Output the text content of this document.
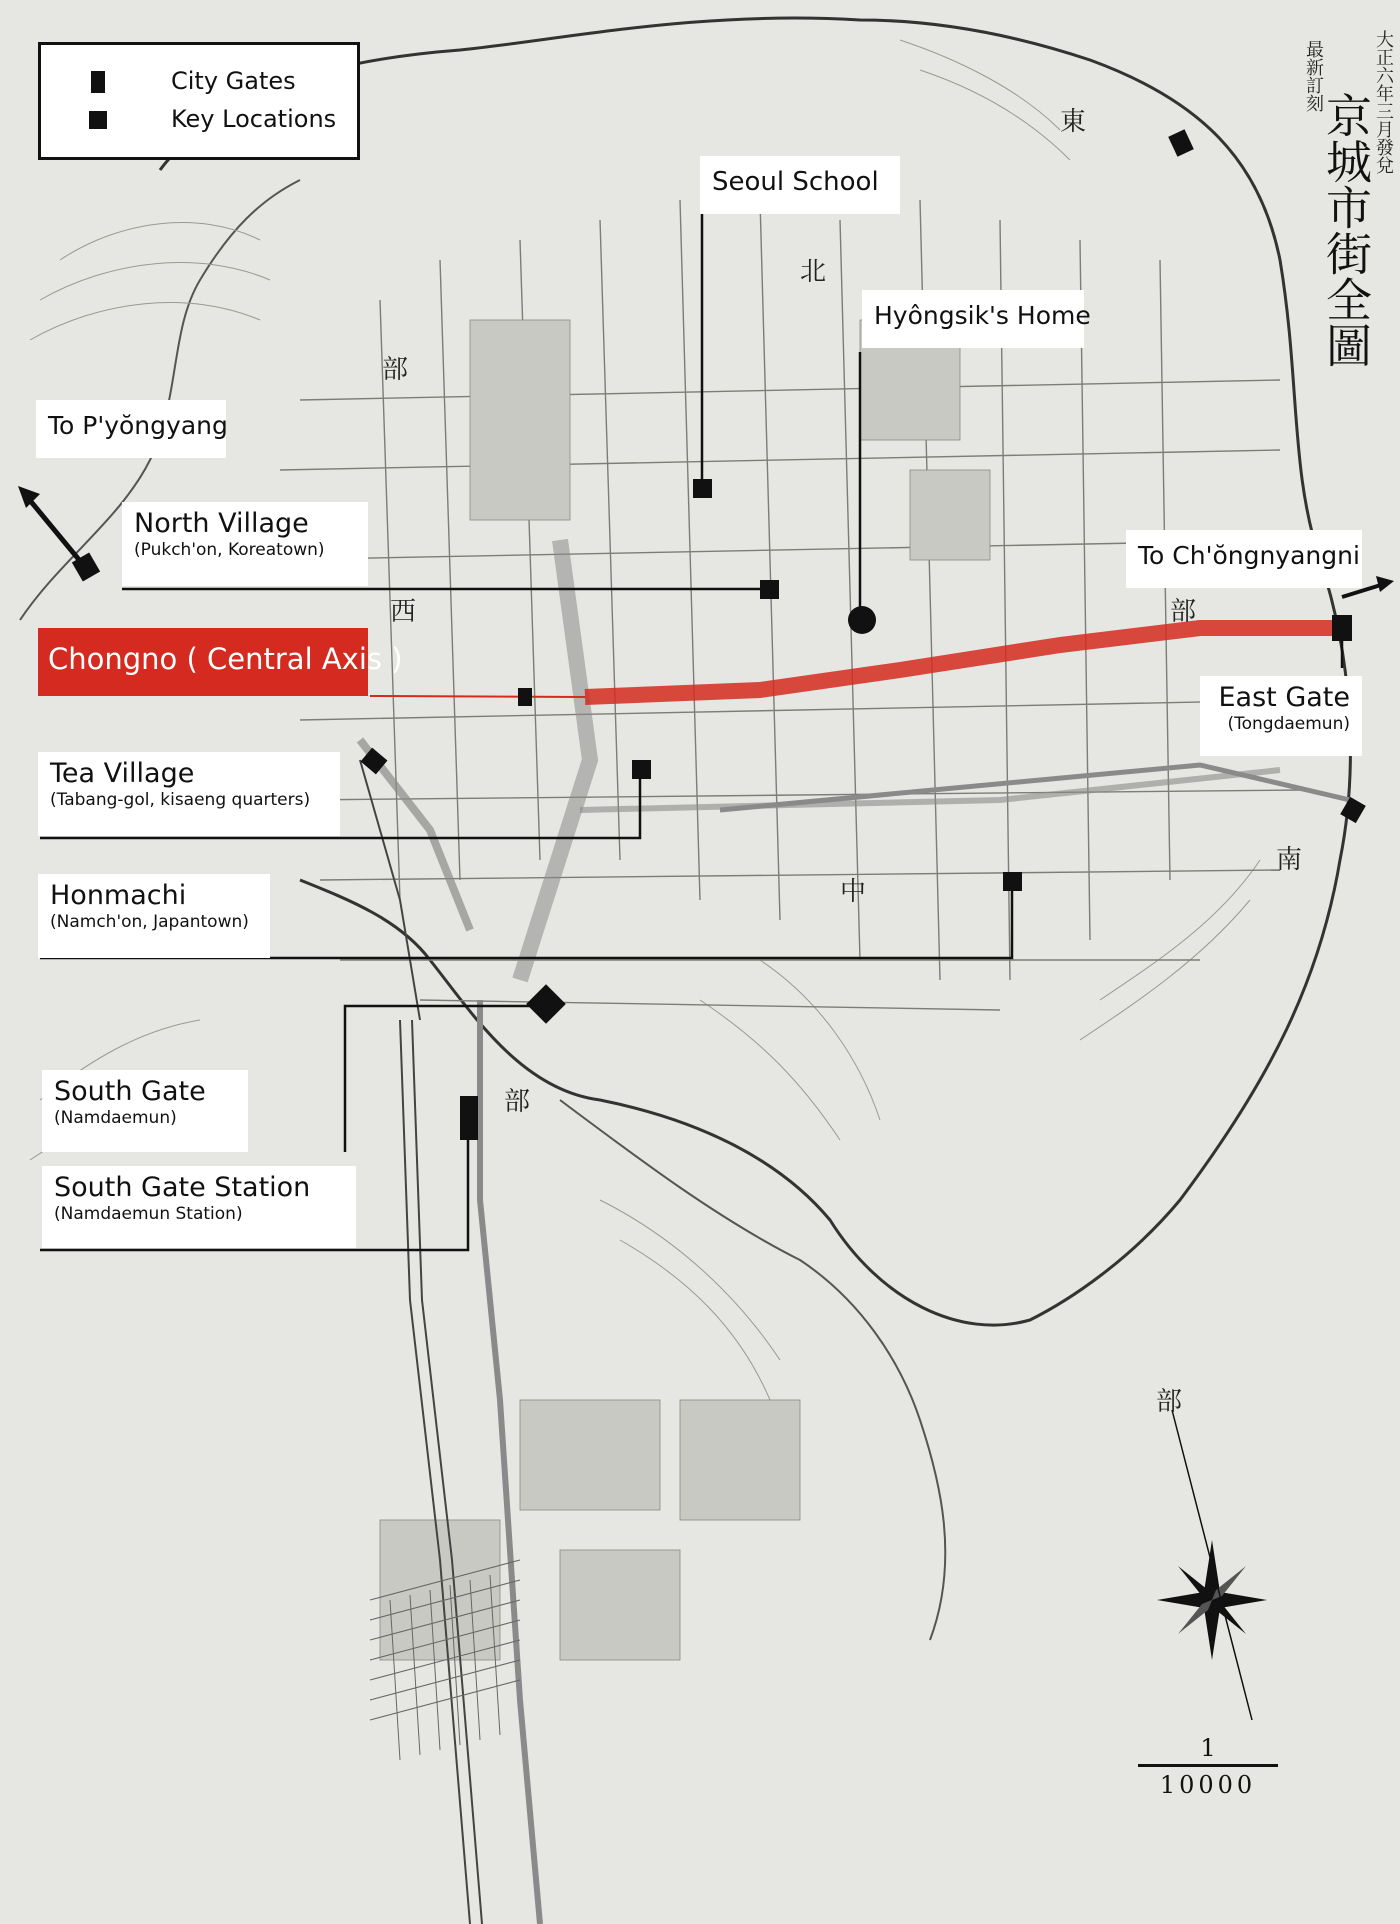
北
東
西
南
中
部
部
部
部
京城市街全圖
最新訂刻	大正六年三月發兌
City Gates
Key Locations
Seoul School
Hyôngsik's Home
To P'yŏngyang
North Village
(Pukch'on, Koreatown)	To Ch'ŏngnyangni
Chongno ( Central Axis )
East Gate
(Tongdaemun)
Tea Village
(Tabang-gol, kisaeng quarters)
Honmachi
(Namch'on, Japantown)
South Gate
(Namdaemun)
South Gate Station
(Namdaemun Station)
$\frac{1}{10000}$
